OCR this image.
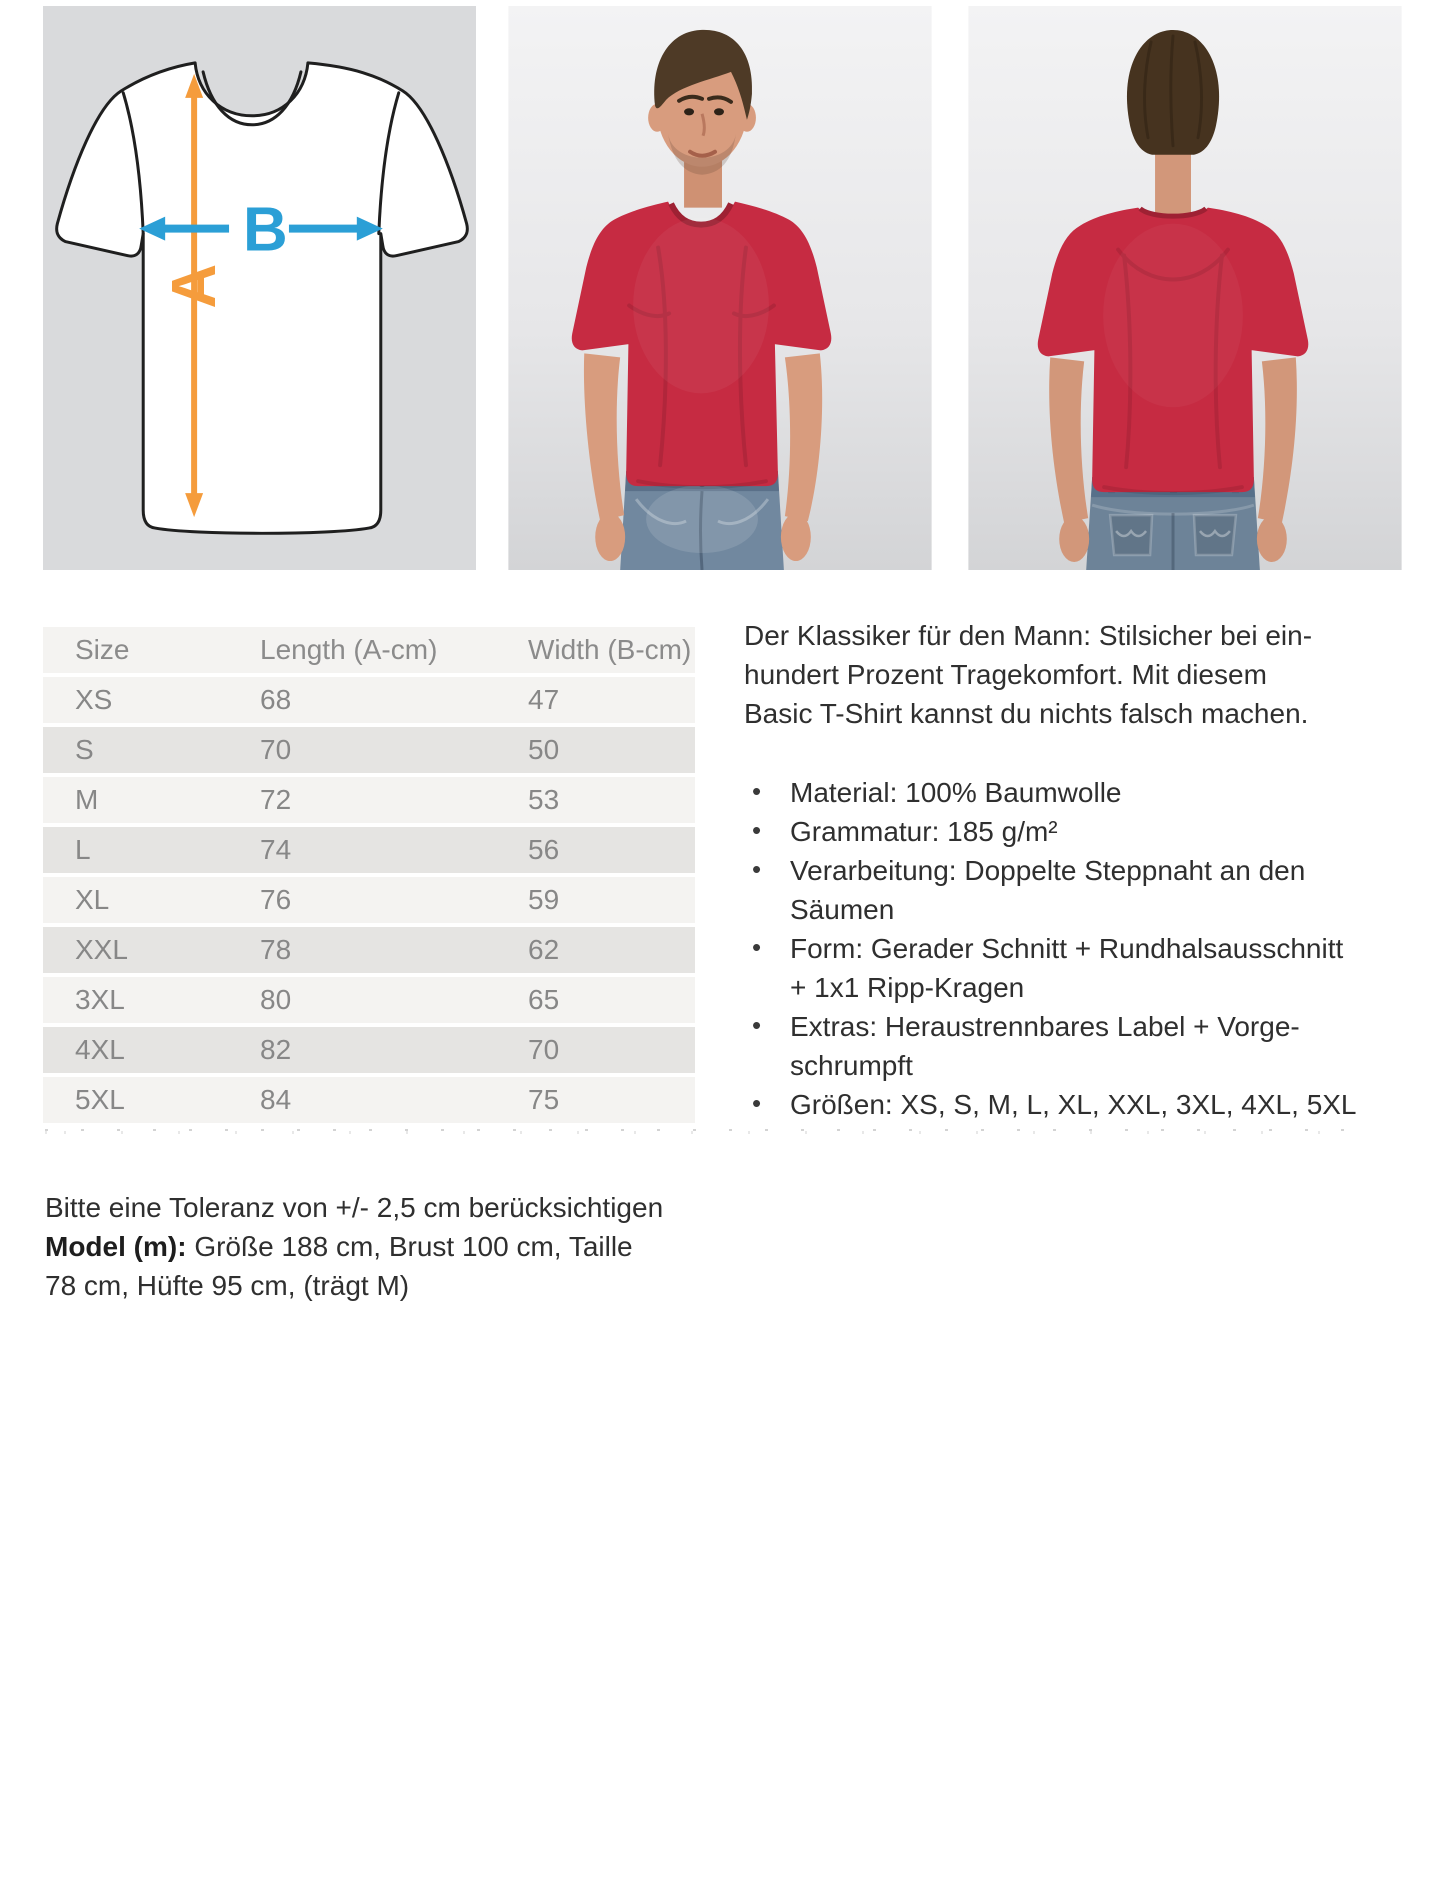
A
B
Size	Length (A-cm)	Width (B-cm)
XS	68	47
S	70	50
M	72	53
L	74	56
XL	76	59
XXL	78	62
3XL	80	65
4XL	82	70
5XL	84	75
Der Klassiker für den Mann: Stilsicher bei ein-
hundert Prozent Tragekomfort. Mit diesem
Basic T-Shirt kannst du nichts falsch machen.
• Material: 100% Baumwolle
• Grammatur: 185 g/m²
• Verarbeitung: Doppelte Steppnaht an den
Säumen
• Form: Gerader Schnitt + Rundhalsausschnitt
+ 1x1 Ripp-Kragen
• Extras: Heraustrennbares Label + Vorge-
schrumpft
• Größen: XS, S, M, L, XL, XXL, 3XL, 4XL, 5XL
Bitte eine Toleranz von +/- 2,5 cm berücksichtigen
Model (m): Größe 188 cm, Brust 100 cm, Taille
78 cm, Hüfte 95 cm, (trägt M)
